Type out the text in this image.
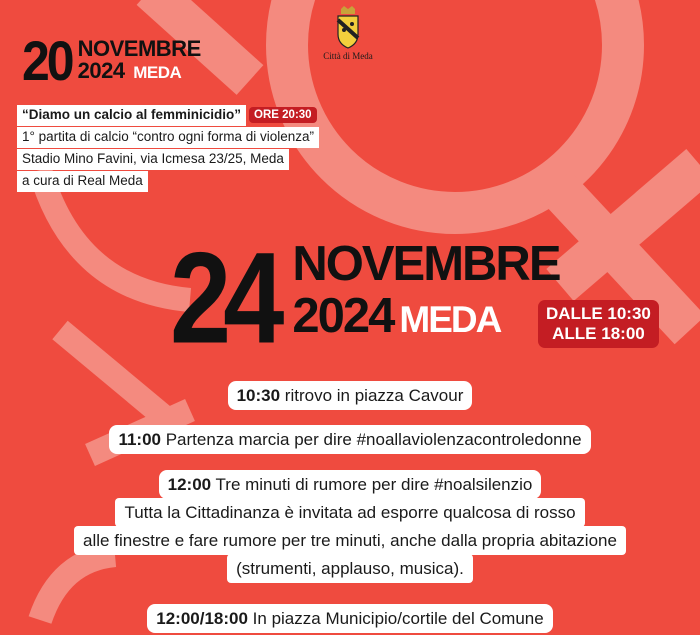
Città di Meda
20 NOVEMBRE
2024 MEDA
“Diamo un calcio al femminicidio” ORE 20:30
1° partita di calcio “contro ogni forma di violenza”
Stadio Mino Favini, via Icmesa 23/25, Meda
a cura di Real Meda
24 NOVEMBRE
2024 MEDA	DALLE 10:30
ALLE 18:00
10:30 ritrovo in piazza Cavour
11:00 Partenza marcia per dire #noallaviolenzacontroledonne
12:00 Tre minuti di rumore per dire #noalsilenzio
Tutta la Cittadinanza è invitata ad esporre qualcosa di rosso
alle finestre e fare rumore per tre minuti, anche dalla propria abitazione
(strumenti, applauso, musica).
12:00/18:00 In piazza Municipio/cortile del Comune
